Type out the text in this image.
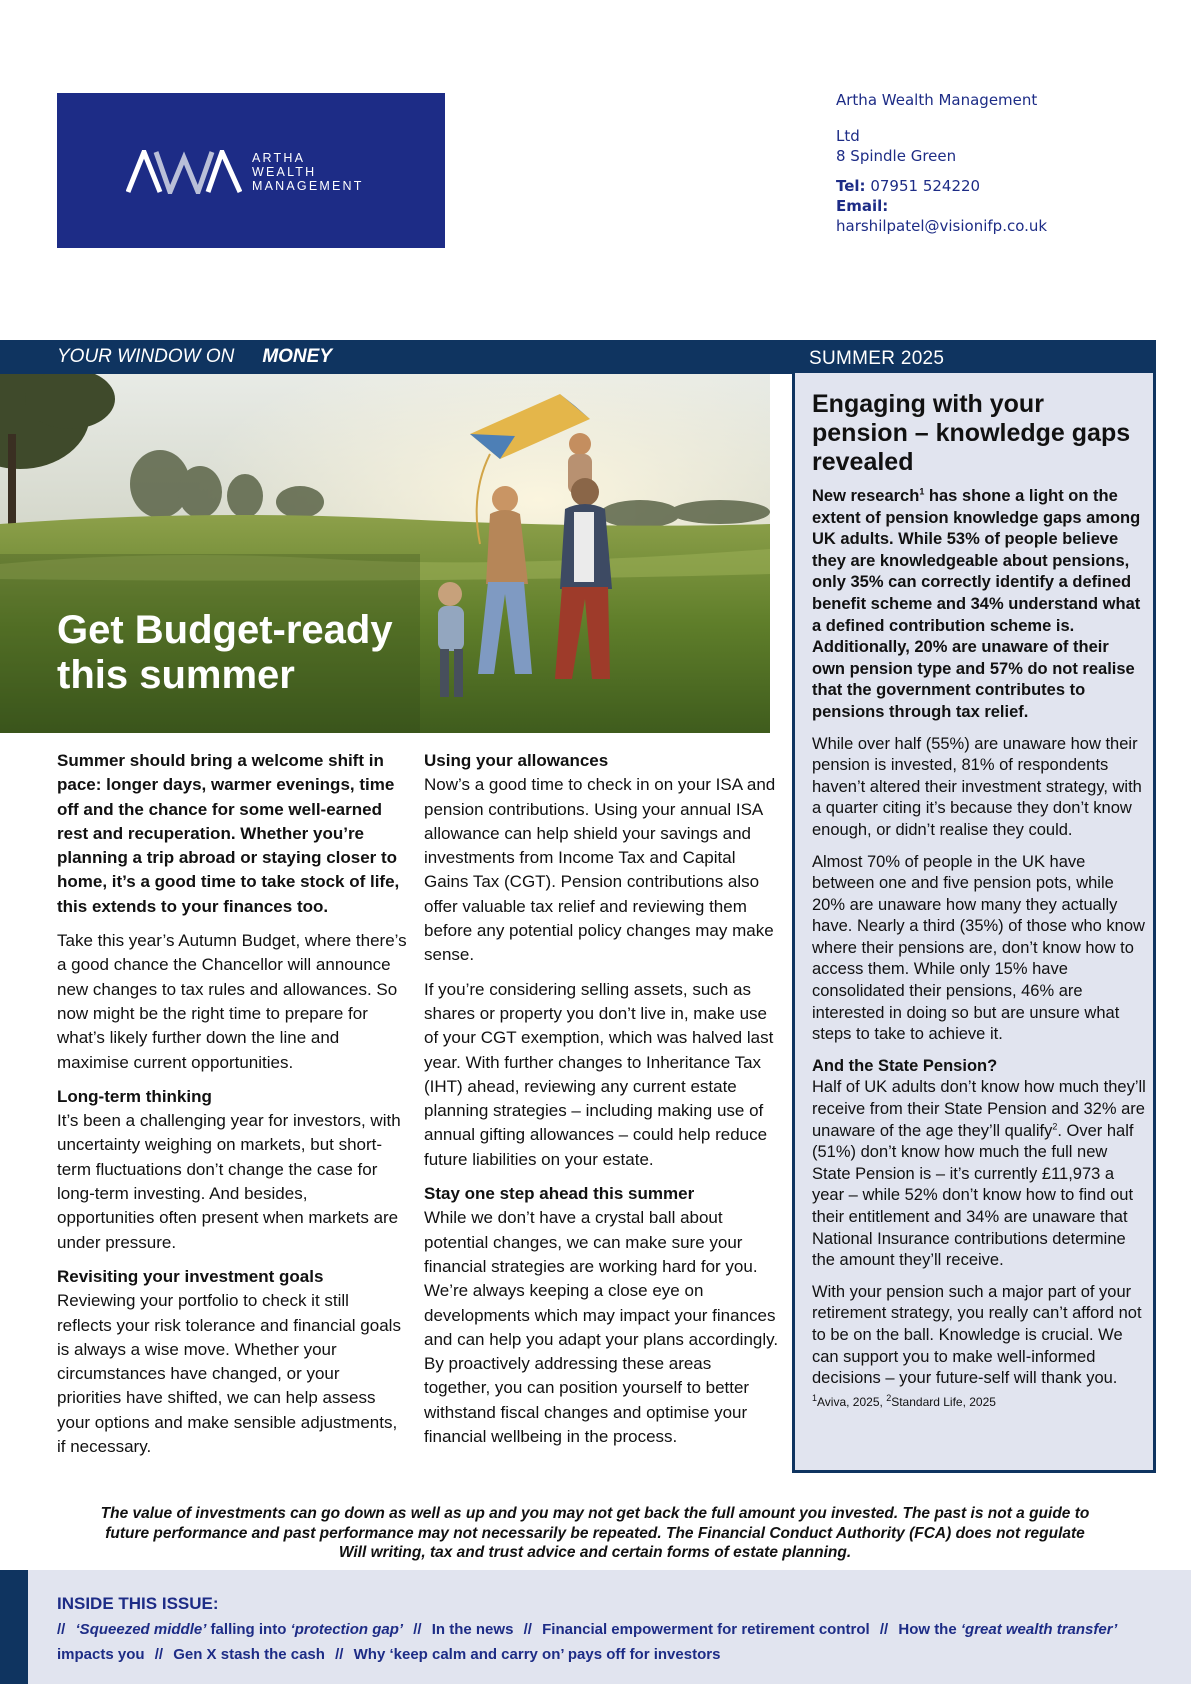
ARTHA
WEALTH
MANAGEMENT
Artha Wealth Management
Ltd
8 Spindle Green
Tel: 07951 524220
Email:
harshilpatel@visionifp.co.uk
YOUR WINDOW ON MONEY	SUMMER 2025
Get Budget-ready
this summer

Summer should bring a welcome shift in pace: longer days, warmer evenings, time off and the chance for some well-earned rest and recuperation. Whether you’re planning a trip abroad or staying closer to home, it’s a good time to take stock of life, this extends to your finances too.

Take this year’s Autumn Budget, where there’s a good chance the Chancellor will announce new changes to tax rules and allowances. So now might be the right time to prepare for what’s likely further down the line and maximise current opportunities.

Long-term thinking

It’s been a challenging year for investors, with uncertainty weighing on markets, but short-term fluctuations don’t change the case for long-term investing. And besides, opportunities often present when markets are under pressure.

Revisiting your investment goals

Reviewing your portfolio to check it still reflects your risk tolerance and financial goals is always a wise move. Whether your circumstances have changed, or your priorities have shifted, we can help assess your options and make sensible adjustments, if necessary.

Using your allowances

Now’s a good time to check in on your ISA and pension contributions. Using your annual ISA allowance can help shield your savings and investments from Income Tax and Capital Gains Tax (CGT). Pension contributions also offer valuable tax relief and reviewing them before any potential policy changes may make sense.

If you’re considering selling assets, such as shares or property you don’t live in, make use of your CGT exemption, which was halved last year. With further changes to Inheritance Tax (IHT) ahead, reviewing any current estate planning strategies – including making use of annual gifting allowances – could help reduce future liabilities on your estate.

Stay one step ahead this summer

While we don’t have a crystal ball about potential changes, we can make sure your financial strategies are working hard for you. We’re always keeping a close eye on developments which may impact your finances and can help you adapt your plans accordingly. By proactively addressing these areas together, you can position yourself to better withstand fiscal changes and optimise your financial wellbeing in the process.

Engaging with your pension – knowledge gaps revealed

New research$^1$ has shone a light on the extent of pension knowledge gaps among UK adults. While 53% of people believe they are knowledgeable about pensions, only 35% can correctly identify a defined benefit scheme and 34% understand what a defined contribution scheme is. Additionally, 20% are unaware of their own pension type and 57% do not realise that the government contributes to pensions through tax relief.

While over half (55%) are unaware how their pension is invested, 81% of respondents haven’t altered their investment strategy, with a quarter citing it’s because they don’t know enough, or didn’t realise they could.

Almost 70% of people in the UK have between one and five pension pots, while 20% are unaware how many they actually have. Nearly a third (35%) of those who know where their pensions are, don’t know how to access them. While only 15% have consolidated their pensions, 46% are interested in doing so but are unsure what steps to take to achieve it.

And the State Pension?

Half of UK adults don’t know how much they’ll receive from their State Pension and 32% are unaware of the age they’ll qualify$^2$. Over half (51%) don’t know how much the full new State Pension is – it’s currently £11,973 a year – while 52% don’t know how to find out their entitlement and 34% are unaware that National Insurance contributions determine the amount they’ll receive.

With your pension such a major part of your retirement strategy, you really can’t afford not to be on the ball. Knowledge is crucial. We can support you to make well-informed decisions – your future-self will thank you.

$^1$Aviva, 2025, $^2$Standard Life, 2025
The value of investments can go down as well as up and you may not get back the full amount you invested. The past is not a guide to future performance and past performance may not necessarily be repeated. The Financial Conduct Authority (FCA) does not regulate Will writing, tax and trust advice and certain forms of estate planning.
INSIDE THIS ISSUE:
// ‘Squeezed middle’ falling into ‘protection gap’ // In the news // Financial empowerment for retirement control // How the ‘great wealth transfer’ impacts you // Gen X stash the cash // Why ‘keep calm and carry on’ pays off for investors
